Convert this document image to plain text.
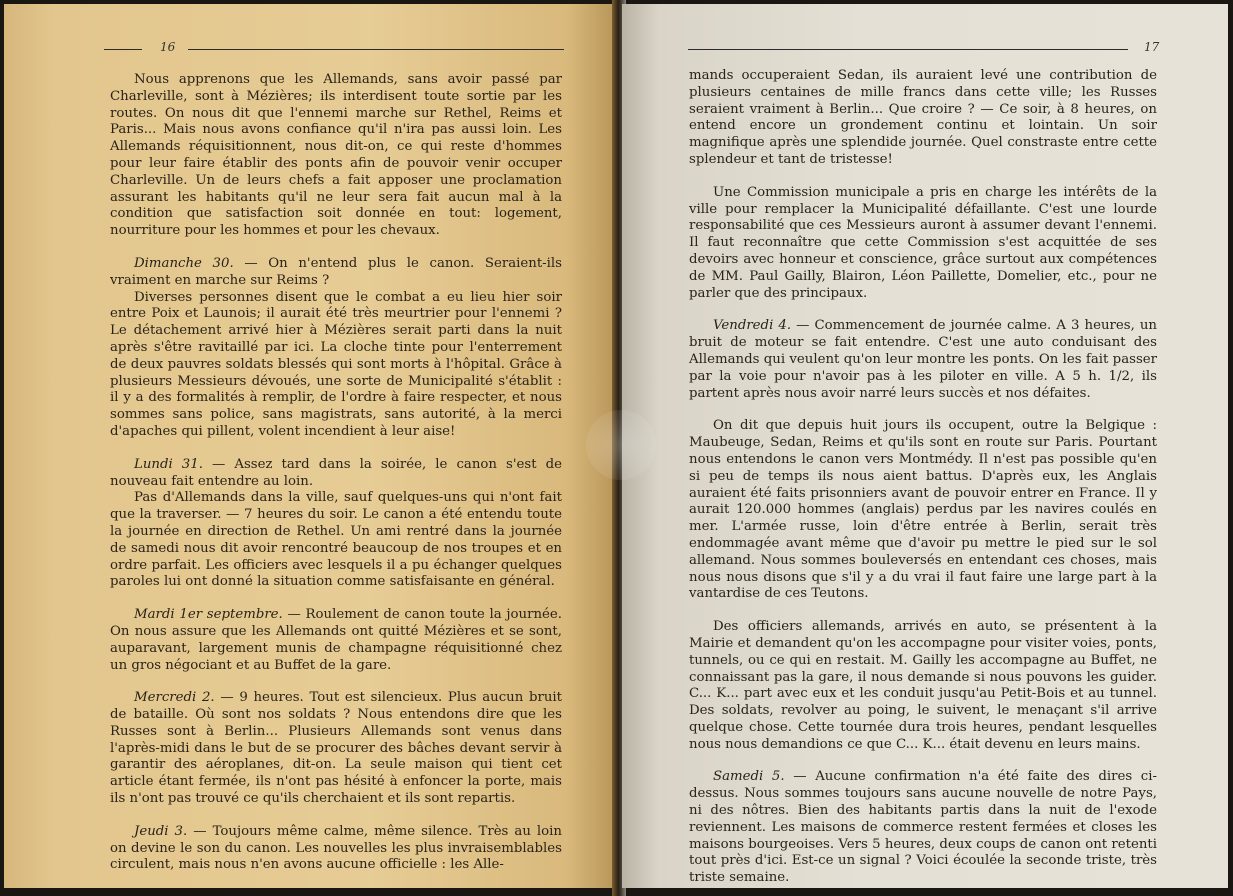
16

Nous apprenons que les Allemands, sans avoir passé par Charleville, sont à Mézières; ils interdisent toute sortie par les routes. On nous dit que l'ennemi marche sur Rethel, Reims et Paris... Mais nous avons confiance qu'il n'ira pas aussi loin. Les Allemands réquisitionnent, nous dit-on, ce qui reste d'hommes pour leur faire établir des ponts afin de pouvoir venir occuper Charleville. Un de leurs chefs a fait apposer une proclamation assurant les habitants qu'il ne leur sera fait aucun mal à la condition que satisfaction soit donnée en tout: logement, nourriture pour les hommes et pour les chevaux.

Dimanche 30. — On n'entend plus le canon. Seraient-ils vraiment en marche sur Reims ?

Diverses personnes disent que le combat a eu lieu hier soir entre Poix et Launois; il aurait été très meurtrier pour l'ennemi ? Le détachement arrivé hier à Mézières serait parti dans la nuit après s'être ravitaillé par ici. La cloche tinte pour l'enterrement de deux pauvres soldats blessés qui sont morts à l'hôpital. Grâce à plusieurs Messieurs dévoués, une sorte de Municipalité s'établit : il y a des formalités à remplir, de l'ordre à faire respecter, et nous sommes sans police, sans magistrats, sans autorité, à la merci d'apaches qui pillent, volent incendient à leur aise!

Lundi 31. — Assez tard dans la soirée, le canon s'est de nouveau fait entendre au loin.

Pas d'Allemands dans la ville, sauf quelques-uns qui n'ont fait que la traverser. — 7 heures du soir. Le canon a été entendu toute la journée en direction de Rethel. Un ami rentré dans la journée de samedi nous dit avoir rencontré beaucoup de nos troupes et en ordre parfait. Les officiers avec lesquels il a pu échanger quelques paroles lui ont donné la situation comme satisfaisante en général.

Mardi 1er septembre. — Roulement de canon toute la journée. On nous assure que les Allemands ont quitté Mézières et se sont, auparavant, largement munis de champagne réquisitionné chez un gros négociant et au Buffet de la gare.

Mercredi 2. — 9 heures. Tout est silencieux. Plus aucun bruit de bataille. Où sont nos soldats ? Nous entendons dire que les Russes sont à Berlin... Plusieurs Allemands sont venus dans l'après-midi dans le but de se procurer des bâches devant servir à garantir des aéroplanes, dit-on. La seule maison qui tient cet article étant fermée, ils n'ont pas hésité à enfoncer la porte, mais ils n'ont pas trouvé ce qu'ils cherchaient et ils sont repartis.

Jeudi 3. — Toujours même calme, même silence. Très au loin on devine le son du canon. Les nouvelles les plus invraisemblables circulent, mais nous n'en avons aucune officielle : les Alle-

17

mands occuperaient Sedan, ils auraient levé une contribution de plusieurs centaines de mille francs dans cette ville; les Russes seraient vraiment à Berlin... Que croire ? — Ce soir, à 8 heures, on entend encore un grondement continu et lointain. Un soir magnifique après une splendide journée. Quel constraste entre cette splendeur et tant de tristesse!

Une Commission municipale a pris en charge les intérêts de la ville pour remplacer la Municipalité défaillante. C'est une lourde responsabilité que ces Messieurs auront à assumer devant l'ennemi. Il faut reconnaître que cette Commission s'est acquittée de ses devoirs avec honneur et conscience, grâce surtout aux compétences de MM. Paul Gailly, Blairon, Léon Paillette, Domelier, etc., pour ne parler que des principaux.

Vendredi 4. — Commencement de journée calme. A 3 heures, un bruit de moteur se fait entendre. C'est une auto conduisant des Allemands qui veulent qu'on leur montre les ponts. On les fait passer par la voie pour n'avoir pas à les piloter en ville. A 5 h. 1/2, ils partent après nous avoir narré leurs succès et nos défaites.

On dit que depuis huit jours ils occupent, outre la Belgique : Maubeuge, Sedan, Reims et qu'ils sont en route sur Paris. Pourtant nous entendons le canon vers Montmédy. Il n'est pas possible qu'en si peu de temps ils nous aient battus. D'après eux, les Anglais auraient été faits prisonniers avant de pouvoir entrer en France. Il y aurait 120.000 hommes (anglais) perdus par les navires coulés en mer. L'armée russe, loin d'être entrée à Berlin, serait très endommagée avant même que d'avoir pu mettre le pied sur le sol allemand. Nous sommes bouleversés en entendant ces choses, mais nous nous disons que s'il y a du vrai il faut faire une large part à la vantardise de ces Teutons.

Des officiers allemands, arrivés en auto, se présentent à la Mairie et demandent qu'on les accompagne pour visiter voies, ponts, tunnels, ou ce qui en restait. M. Gailly les accompagne au Buffet, ne connaissant pas la gare, il nous demande si nous pouvons les guider. C... K... part avec eux et les conduit jusqu'au Petit-Bois et au tunnel. Des soldats, revolver au poing, le suivent, le menaçant s'il arrive quelque chose. Cette tournée dura trois heures, pendant lesquelles nous nous demandions ce que C... K... était devenu en leurs mains.

Samedi 5. — Aucune confirmation n'a été faite des dires ci-dessus. Nous sommes toujours sans aucune nouvelle de notre Pays, ni des nôtres. Bien des habitants partis dans la nuit de l'exode reviennent. Les maisons de commerce restent fermées et closes les maisons bourgeoises. Vers 5 heures, deux coups de canon ont retenti tout près d'ici. Est-ce un signal ? Voici écoulée la seconde triste, très triste semaine.
